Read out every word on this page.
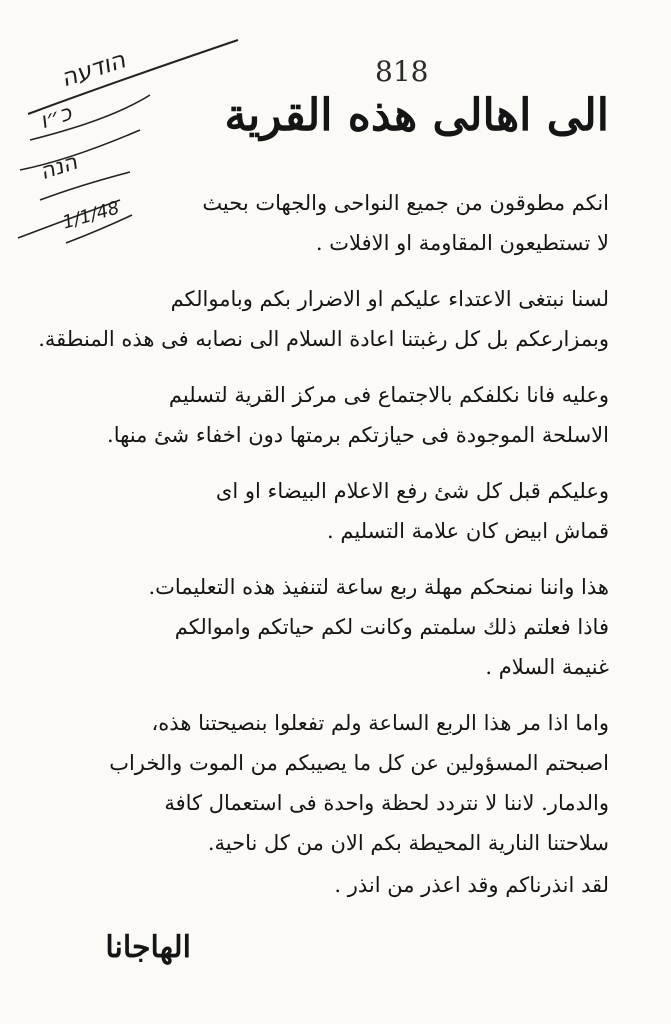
818
הודעה
כ״ו
הנה
1/1/48
الى اهالى هذه القرية
انكم مطوقون من جميع النواحى والجهات بحيث
لا تستطيعون المقاومة او الافلات .
لسنا نبتغى الاعتداء عليكم او الاضرار بكم وباموالكم
وبمزارعكم بل كل رغبتنا اعادة السلام الى نصابه فى هذه المنطقة.
وعليه فانا نكلفكم بالاجتماع فى مركز القرية لتسليم
الاسلحة الموجودة فى حيازتكم برمتها دون اخفاء شئ منها.
وعليكم قبل كل شئ رفع الاعلام البيضاء او اى
قماش ابيض كان علامة التسليم .
هذا واننا نمنحكم مهلة ربع ساعة لتنفيذ هذه التعليمات.
فاذا فعلتم ذلك سلمتم وكانت لكم حياتكم واموالكم
غنيمة السلام .
واما اذا مر هذا الربع الساعة ولم تفعلوا بنصيحتنا هذه،
اصبحتم المسؤولين عن كل ما يصيبكم من الموت والخراب
والدمار. لاننا لا نتردد لحظة واحدة فى استعمال كافة
سلاحتنا النارية المحيطة بكم الان من كل ناحية.
لقد انذرناكم وقد اعذر من انذر .
الهاجانا
